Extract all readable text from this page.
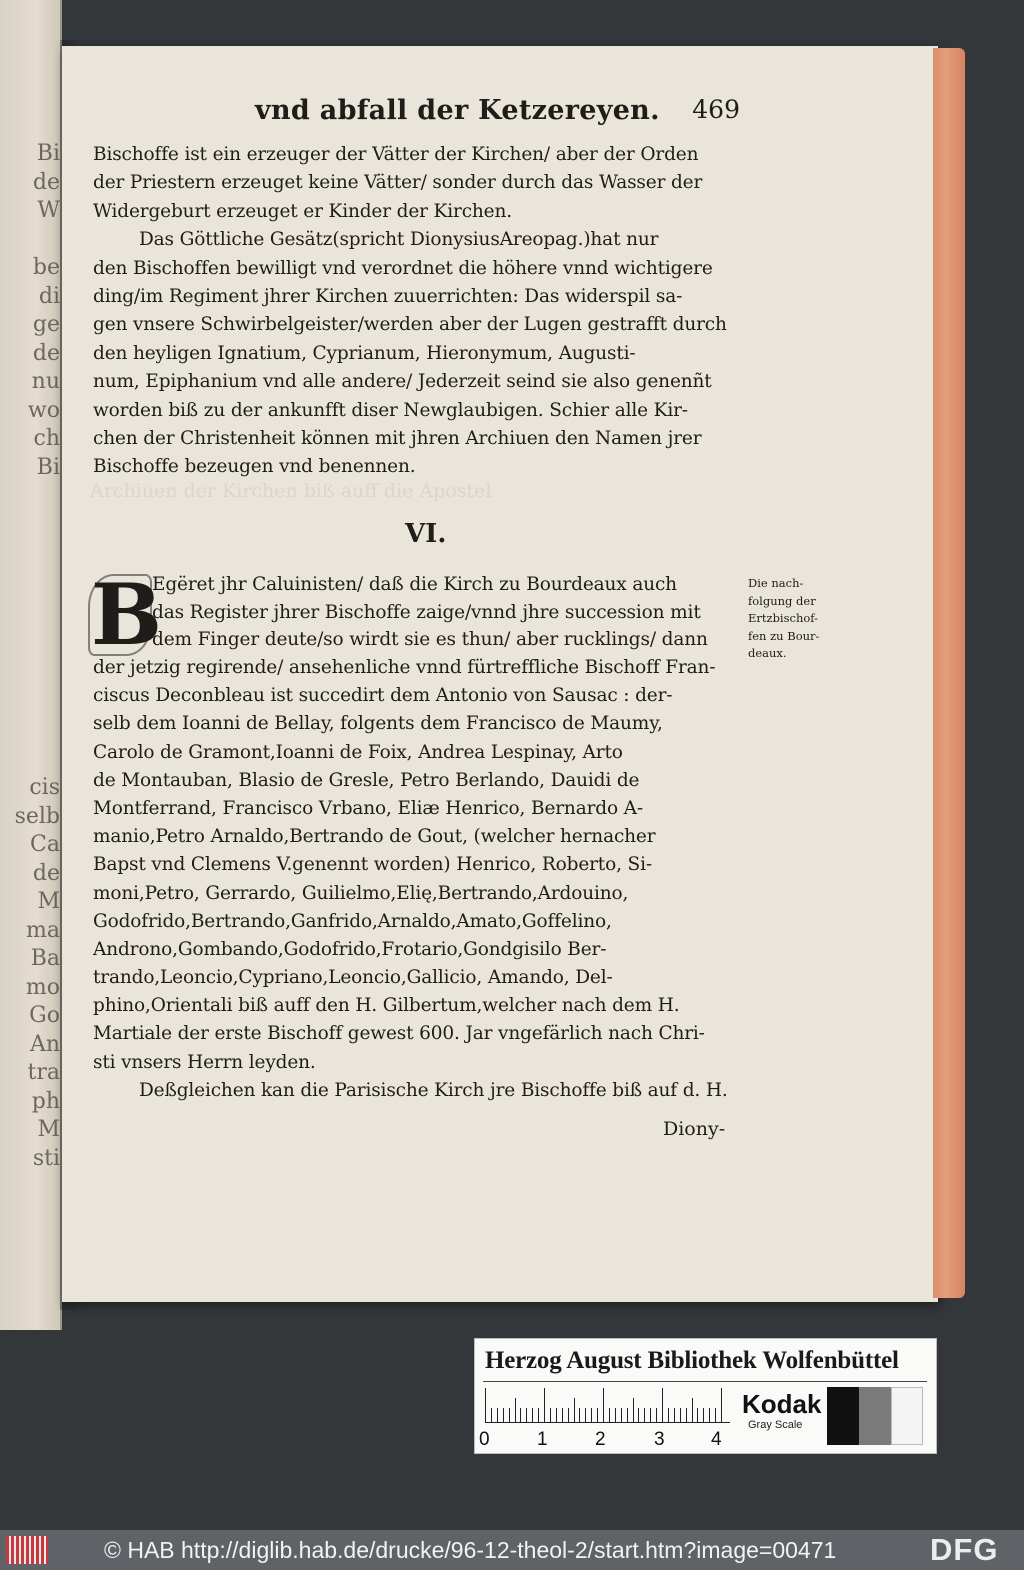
Bi
de
W

be
di
ge
de
nu
wo
ch
Bi

cis
selb
Ca
de
M
ma
Ba
mo
Go
An
tra
ph
M
sti
vnd abfall der Ketzereyen. 469
Bischoffe ist ein erzeuger der Vätter der Kirchen/ aber der Orden
der Priestern erzeuget keine Vätter/ sonder durch das Wasser der
Widergeburt erzeuget er Kinder der Kirchen.
Das Göttliche Gesätz(spricht DionysiusAreopag.)hat nur
den Bischoffen bewilligt vnd verordnet die höhere vnnd wichtigere
ding/im Regiment jhrer Kirchen zuuerrichten: Das widerspil sa-
gen vnsere Schwirbelgeister/werden aber der Lugen gestrafft durch
den heyligen Ignatium, Cyprianum, Hieronymum, Augusti-
num, Epiphanium vnd alle andere/ Jederzeit seind sie also genenñt
worden biß zu der ankunfft diser Newglaubigen. Schier alle Kir-
chen der Christenheit können mit jhren Archiuen den Namen jrer
Bischoffe bezeugen vnd benennen.
VI.
B
Egëret jhr Caluinisten/ daß die Kirch zu Bourdeaux auch
das Register jhrer Bischoffe zaige/vnnd jhre succession mit
dem Finger deute/so wirdt sie es thun/ aber rucklings/ dann
der jetzig regirende/ ansehenliche vnnd fürtreffliche Bischoff Fran-
ciscus Deconbleau ist succedirt dem Antonio von Sausac : der-
selb dem Ioanni de Bellay, folgents dem Francisco de Maumy,
Carolo de Gramont,Ioanni de Foix, Andrea Lespinay, Arto
de Montauban, Blasio de Gresle, Petro Berlando, Dauidi de
Montferrand, Francisco Vrbano, Eliæ Henrico, Bernardo A-
manio,Petro Arnaldo,Bertrando de Gout, (welcher hernacher
Bapst vnd Clemens V.genennt worden) Henrico, Roberto, Si-
moni,Petro, Gerrardo, Guilielmo,Elię,Bertrando,Ardouino,
Godofrido,Bertrando,Ganfrido,Arnaldo,Amato,Goffelino,
Androno,Gombando,Godofrido,Frotario,Gondgisilo Ber-
trando,Leoncio,Cypriano,Leoncio,Gallicio, Amando, Del-
phino,Orientali biß auff den H. Gilbertum,welcher nach dem H.
Martiale der erste Bischoff gewest 600. Jar vngefärlich nach Chri-
sti vnsers Herrn leyden.
Deßgleichen kan die Parisische Kirch jre Bischoffe biß auf d. H.
Diony-
Die nach-
folgung der
Ertzbischof-
fen zu Bour-
deaux.
Herzog August Bibliothek Wolfenbüttel
0 1 2	3 4
Kodak
Gray Scale
© HAB http://diglib.hab.de/drucke/96-12-theol-2/start.htm?image=00471	DFG
